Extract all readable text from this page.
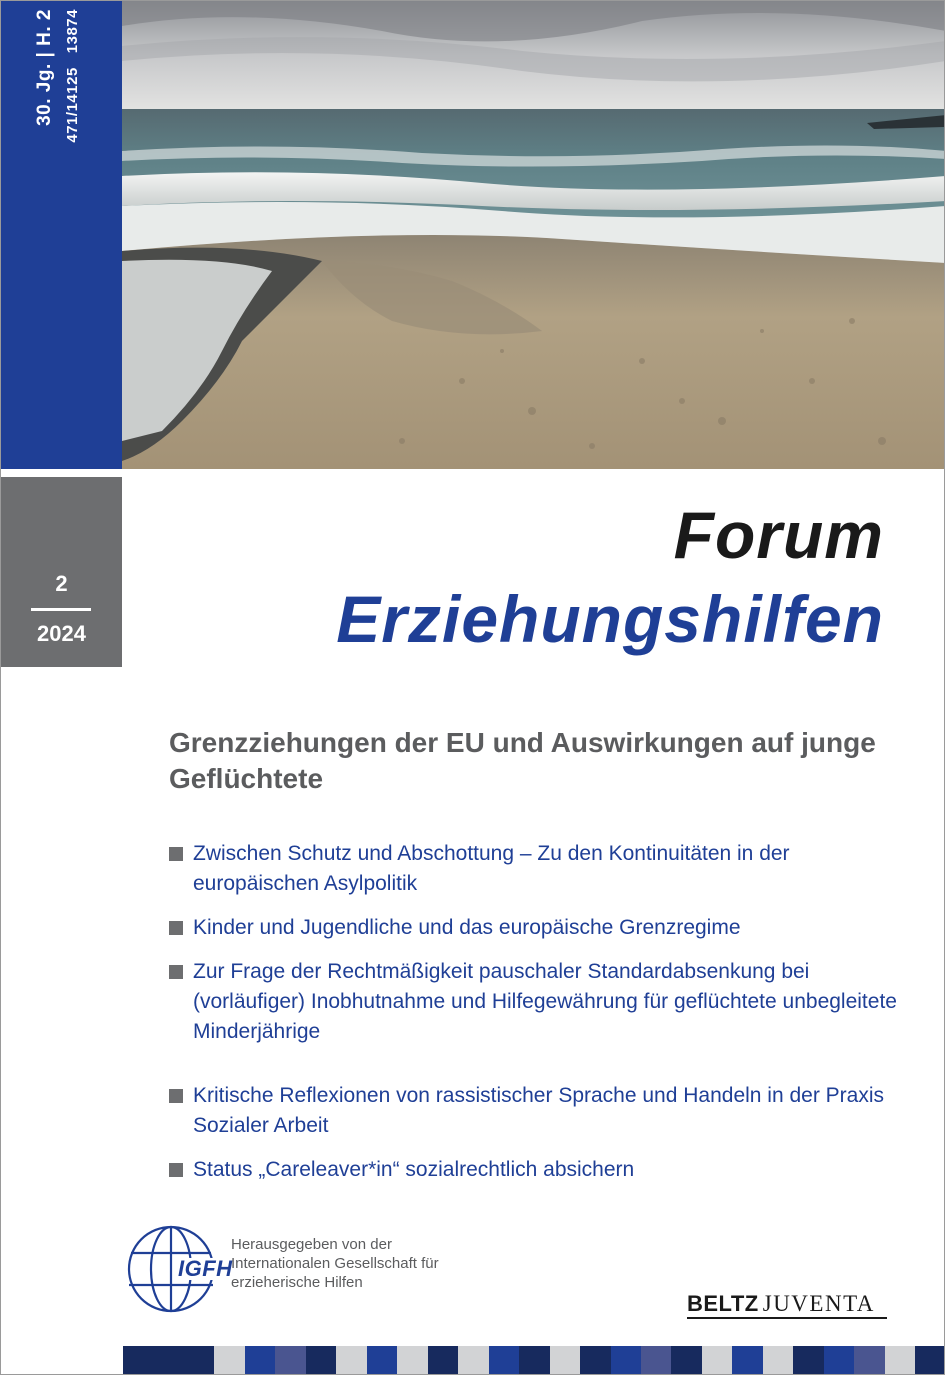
30. Jg. | H. 2
471/1412513874
2
2024
Forum
Erziehungshilfen
Grenzziehungen der EU und Auswirkungen auf junge Geflüchtete
Zwischen Schutz und Abschottung – Zu den Kontinuitäten in der europäischen Asylpolitik
Kinder und Jugendliche und das europäische Grenzregime
Zur Frage der Rechtmäßigkeit pauschaler Standardabsenkung bei (vorläufiger) Inobhutnahme und Hilfegewährung für geflüchtete unbegleitete Minderjährige
Kritische Reflexionen von rassistischer Sprache und Handeln in der Praxis Sozialer Arbeit
Status „Careleaver*in“ sozialrechtlich absichern
IGFH
Herausgegeben von der
Internationalen Gesellschaft für
erzieherische Hilfen
BELTZ JUVENTA
